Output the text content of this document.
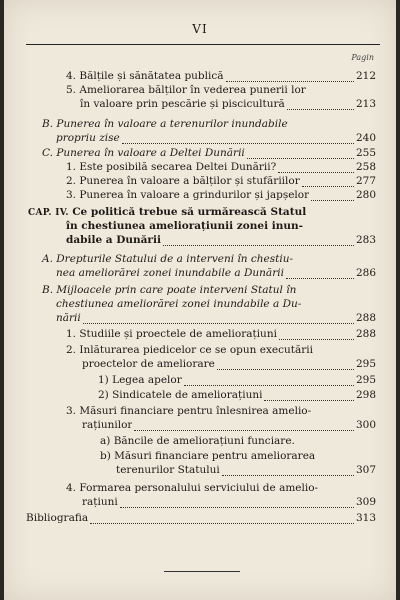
VI
Pagin
4. Bălțile și sănătatea publică	212
5. Ameliorarea bălților în vederea punerii lor
în valoare prin pescărie și piscicultură	213
B. Punerea în valoare a terenurilor inundabile
propriu zise	240
C. Punerea în valoare a Deltei Dunării	255
1. Este posibilă secarea Deltei Dunării?	258
2. Punerea în valoare a bălților și stufăriilor	277
3. Punerea în valoare a grindurilor și japșelor	280
CAP. IV. Ce politică trebue să urmărească Statul
în chestiunea ameliorațiunii zonei inun-
dabile a Dunării	283
A. Drepturile Statului de a interveni în chestiu-
nea ameliorărei zonei inundabile a Dunării	286
B. Mijloacele prin care poate interveni Statul în
chestiunea ameliorărei zonei inundabile a Du-
nării	288
1. Studiile și proectele de ameliorațiuni	288
2. Inlăturarea piedicelor ce se opun executării
proectelor de ameliorare	295
1) Legea apelor	295
2) Sindicatele de ameliorațiuni	298
3. Măsuri financiare pentru înlesnirea amelio-
rațiunilor	300
a) Băncile de ameliorațiuni funciare.
b) Măsuri financiare pentru ameliorarea
terenurilor Statului	307
4. Formarea personalului serviciului de amelio-
rațiuni	309
Bibliografia	313
